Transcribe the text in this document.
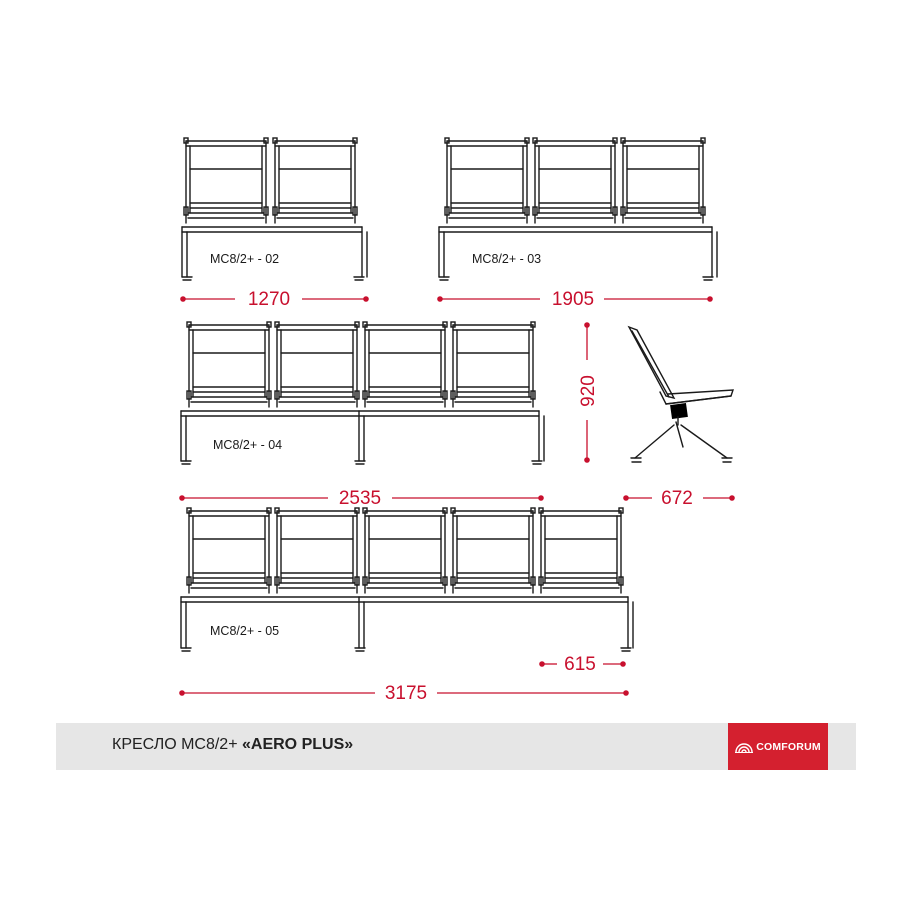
MC8/2+ - 02	MC8/2+ - 03
MC8/2+ - 04
MC8/2+ - 05
1270	1905
920
2535	672
615
3175
КРЕСЛО МС8/2+ «AERO PLUS»	COMFORUM
